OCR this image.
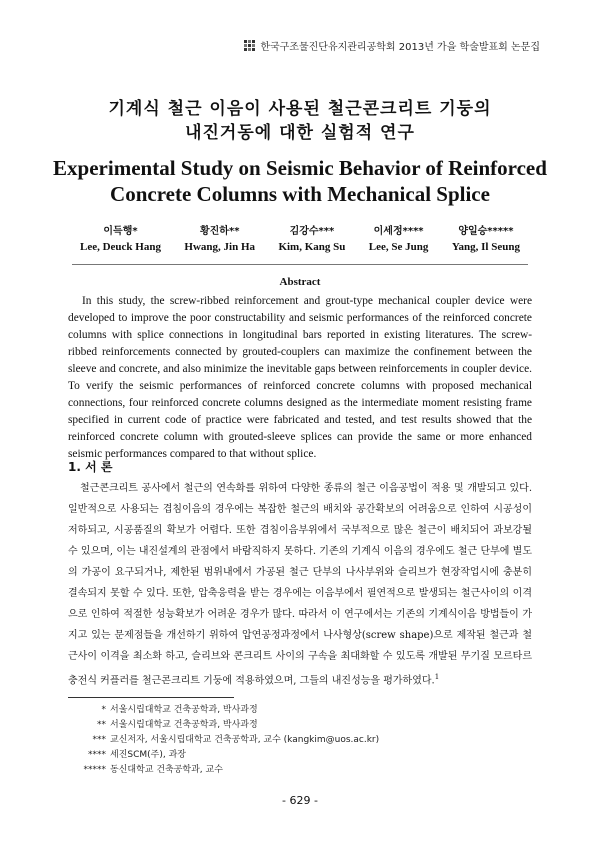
한국구조물진단유지관리공학회 2013년 가을 학술발표회 논문집
기계식 철근 이음이 사용된 철근콘크리트 기둥의
내진거동에 대한 실험적 연구
Experimental Study on Seismic Behavior of Reinforced
Concrete Columns with Mechanical Splice
이득행*
Lee, Deuck Hang
황진하**
Hwang, Jin Ha
김강수***
Kim, Kang Su
이세정****
Lee, Se Jung
양일승*****
Yang, Il Seung
Abstract
In this study, the screw-ribbed reinforcement and grout-type mechanical coupler device were developed to improve the poor constructability and seismic performances of the reinforced concrete columns with splice connections in longitudinal bars reported in existing literatures. The screw-ribbed reinforcements connected by grouted-couplers can maximize the confinement between the sleeve and concrete, and also minimize the inevitable gaps between reinforcements in coupler device. To verify the seismic performances of reinforced concrete columns with proposed mechanical connections, four reinforced concrete columns designed as the intermediate moment resisting frame specified in current code of practice were fabricated and tested, and test results showed that the reinforced concrete column with grouted-sleeve splices can provide the same or more enhanced seismic performances compared to that without splice.
1. 서 론
철근콘크리트 공사에서 철근의 연속화를 위하여 다양한 종류의 철근 이음공법이 적용 및 개발되고 있다. 일반적으로 사용되는 겹침이음의 경우에는 복잡한 철근의 배치와 공간확보의 어려움으로 인하여 시공성이 저하되고, 시공품질의 확보가 어렵다. 또한 겹침이음부위에서 국부적으로 많은 철근이 배치되어 과보강될 수 있으며, 이는 내진설계의 관점에서 바람직하지 못하다. 기존의 기계식 이음의 경우에도 철근 단부에 별도의 가공이 요구되거나, 제한된 범위내에서 가공된 철근 단부의 나사부위와 슬리브가 현장작업시에 충분히 결속되지 못할 수 있다. 또한, 압축응력을 받는 경우에는 이음부에서 필연적으로 발생되는 철근사이의 이격으로 인하여 적절한 성능확보가 어려운 경우가 많다. 따라서 이 연구에서는 기존의 기계식이음 방법들이 가지고 있는 문제점들을 개선하기 위하여 압연공정과정에서 나사형상(screw shape)으로 제작된 철근과 철근사이 이격을 최소화 하고, 슬리브와 콘크리트 사이의 구속을 최대화할 수 있도록 개발된 무기질 모르타르 충전식 커플러를 철근콘크리트 기둥에 적용하였으며, 그들의 내진성능을 평가하였다.$^1$
* 서울시립대학교 건축공학과, 박사과정
** 서울시립대학교 건축공학과, 박사과정
*** 교신저자, 서울시립대학교 건축공학과, 교수 (kangkim@uos.ac.kr)
**** 세진SCM(주), 과장
***** 동신대학교 건축공학과, 교수
- 629 -
